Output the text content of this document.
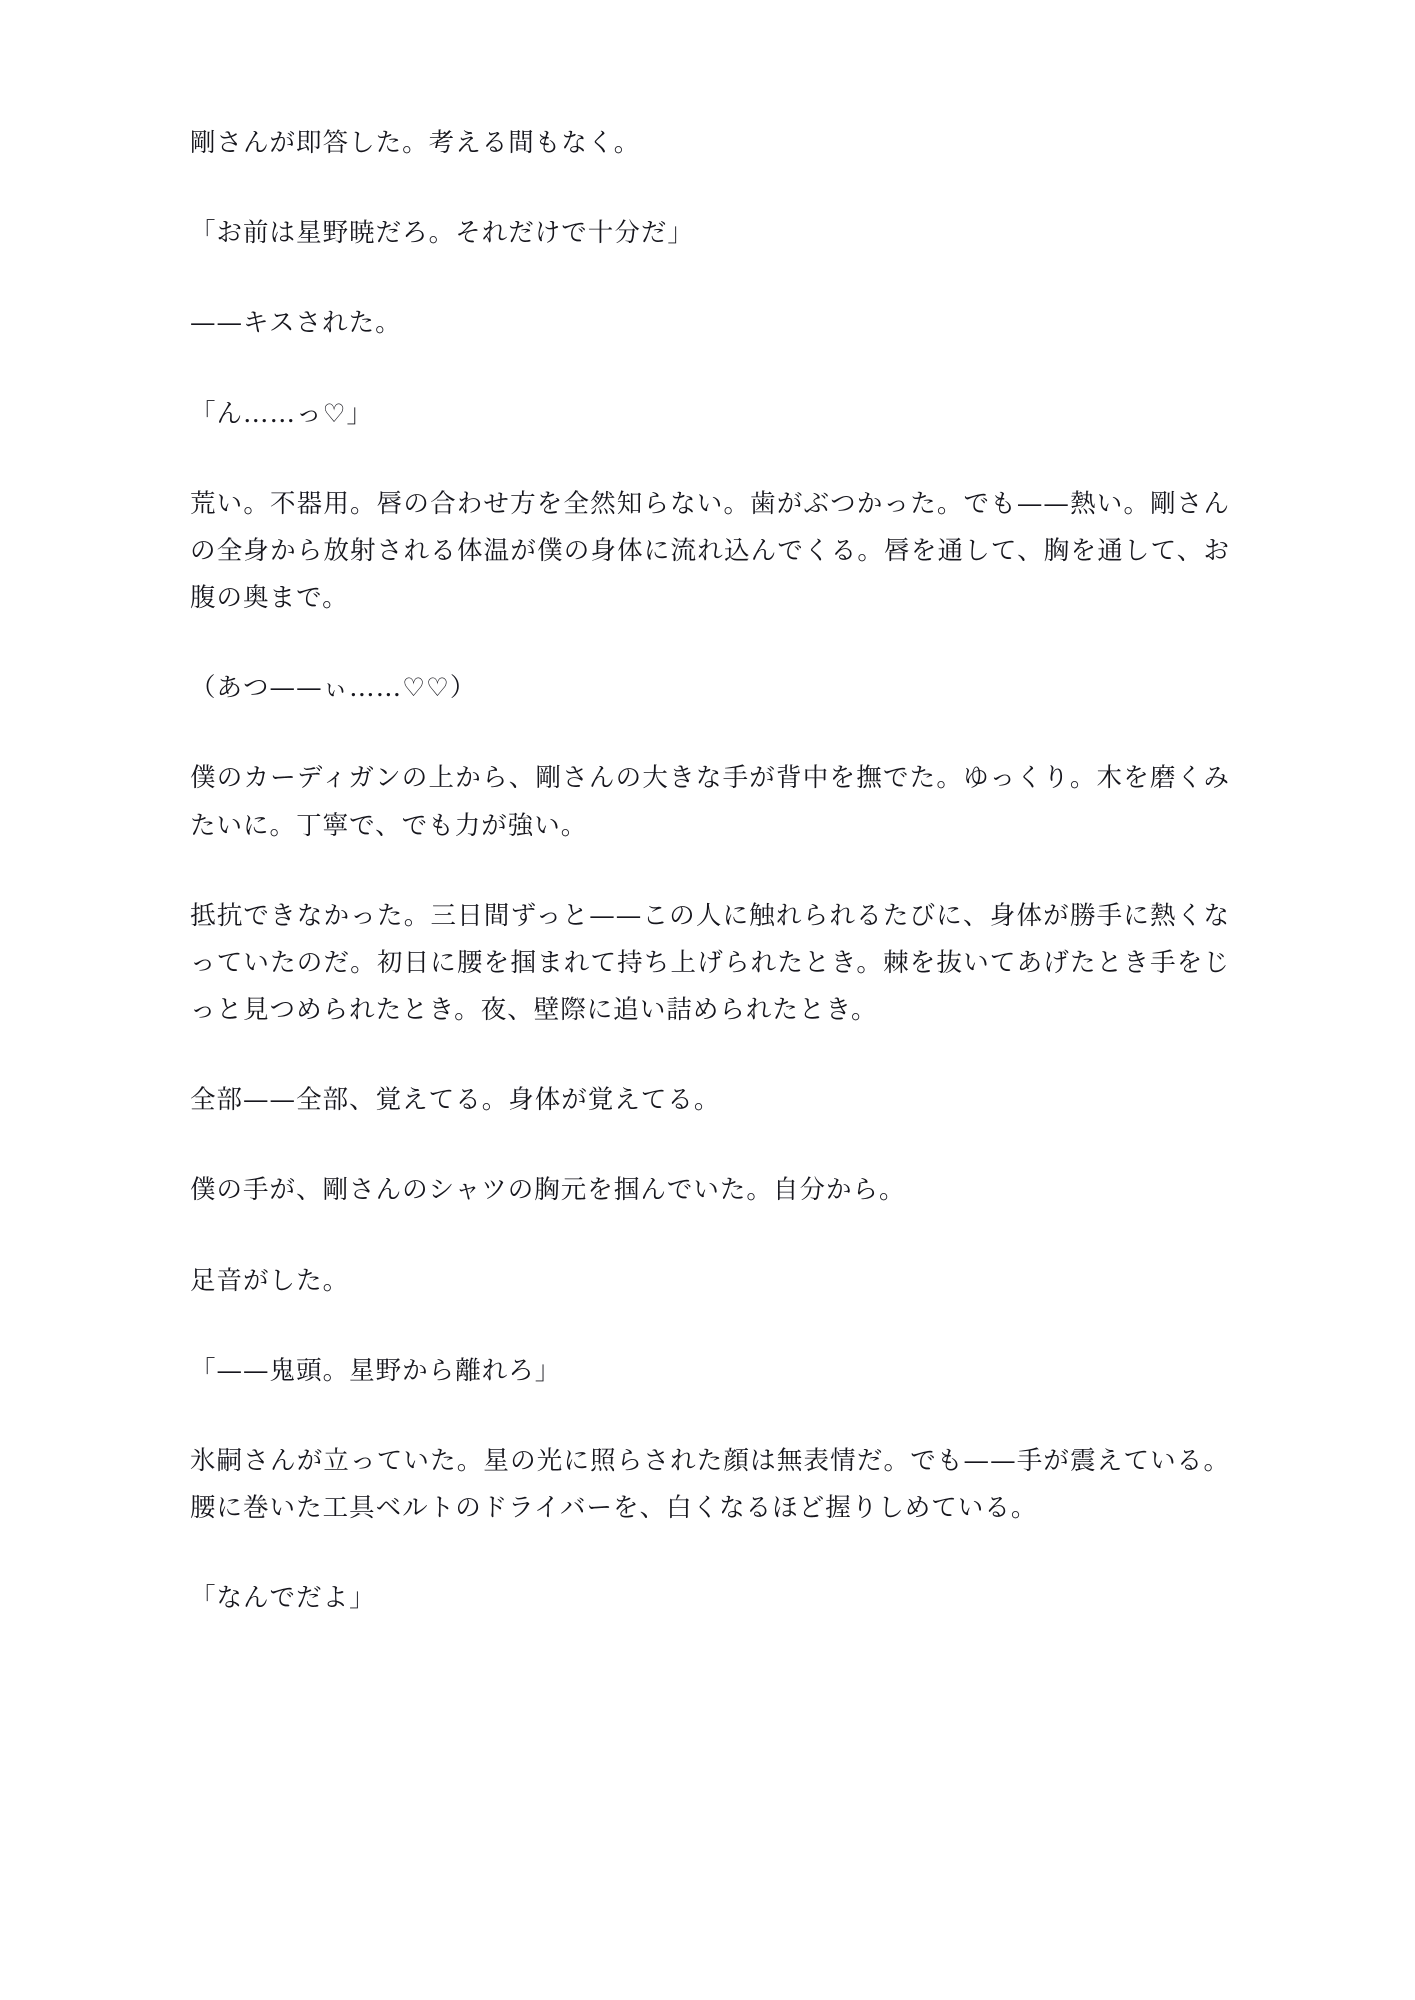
剛さんが即答した。考える間もなく。

「お前は星野暁だろ。それだけで十分だ」

——キスされた。

「ん……っ♡」

荒い。不器用。唇の合わせ方を全然知らない。歯がぶつかった。でも——熱い。剛さんの全身から放射される体温が僕の身体に流れ込んでくる。唇を通して、胸を通して、お腹の奥まで。

（あつ——ぃ……♡♡）

僕のカーディガンの上から、剛さんの大きな手が背中を撫でた。ゆっくり。木を磨くみたいに。丁寧で、でも力が強い。

抵抗できなかった。三日間ずっと——この人に触れられるたびに、身体が勝手に熱くなっていたのだ。初日に腰を掴まれて持ち上げられたとき。棘を抜いてあげたとき手をじっと見つめられたとき。夜、壁際に追い詰められたとき。

全部——全部、覚えてる。身体が覚えてる。

僕の手が、剛さんのシャツの胸元を掴んでいた。自分から。

足音がした。

「——鬼頭。星野から離れろ」

氷嗣さんが立っていた。星の光に照らされた顔は無表情だ。でも——手が震えている。腰に巻いた工具ベルトのドライバーを、白くなるほど握りしめている。

「なんでだよ」
